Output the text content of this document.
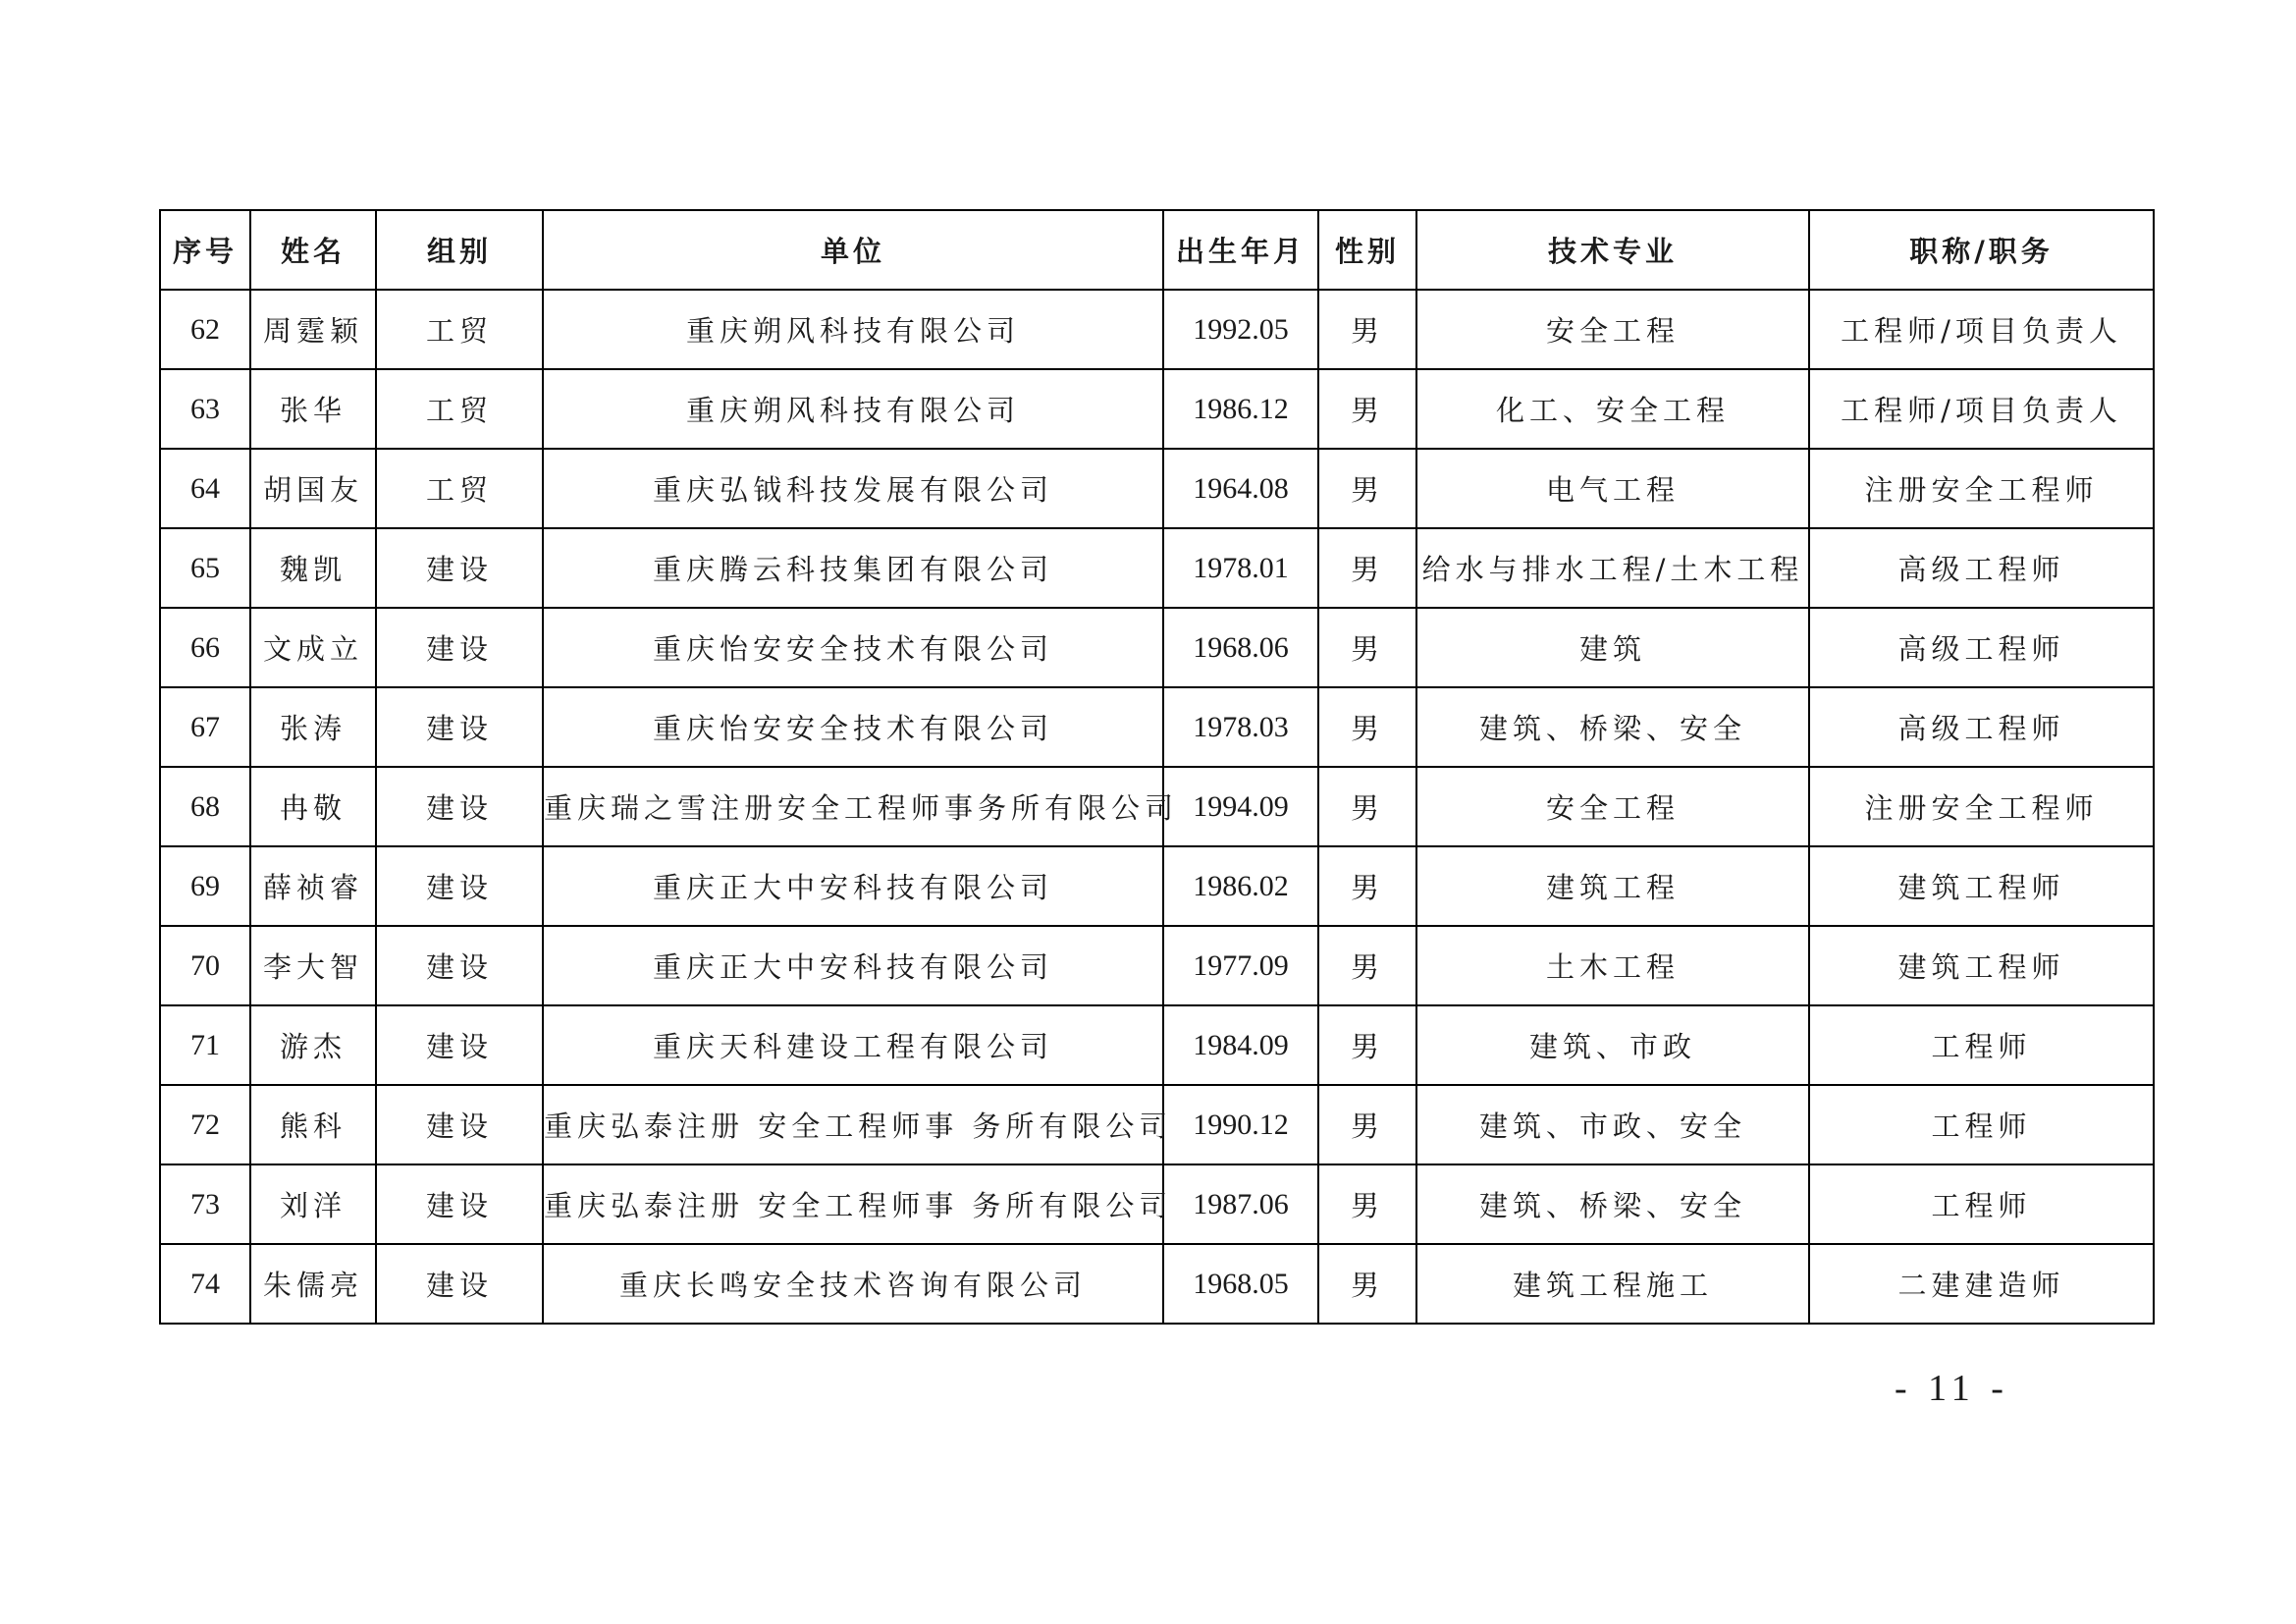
序号	姓名	组别	单位	出生年月	性别	技术专业	职称/职务
62	周霆颖	工贸	重庆朔风科技有限公司	1992.05	男	安全工程	工程师/项目负责人
63	张华	工贸	重庆朔风科技有限公司	1986.12	男	化工、安全工程	工程师/项目负责人
64	胡国友	工贸	重庆弘钺科技发展有限公司	1964.08	男	电气工程	注册安全工程师
65	魏凯	建设	重庆腾云科技集团有限公司	1978.01	男	给水与排水工程/土木工程	高级工程师
66	文成立	建设	重庆怡安安全技术有限公司	1968.06	男	建筑	高级工程师
67	张涛	建设	重庆怡安安全技术有限公司	1978.03	男	建筑、桥梁、安全	高级工程师
68	冉敬	建设	重庆瑞之雪注册安全工程师事务所有限公司	1994.09	男	安全工程	注册安全工程师
69	薛祯睿	建设	重庆正大中安科技有限公司	1986.02	男	建筑工程	建筑工程师
70	李大智	建设	重庆正大中安科技有限公司	1977.09	男	土木工程	建筑工程师
71	游杰	建设	重庆天科建设工程有限公司	1984.09	男	建筑、市政	工程师
72	熊科	建设	重庆弘泰注册 安全工程师事 务所有限公司	1990.12	男	建筑、市政、安全	工程师
73	刘洋	建设	重庆弘泰注册 安全工程师事 务所有限公司	1987.06	男	建筑、桥梁、安全	工程师
74	朱儒亮	建设	重庆长鸣安全技术咨询有限公司	1968.05	男	建筑工程施工	二建建造师
- 11 -
